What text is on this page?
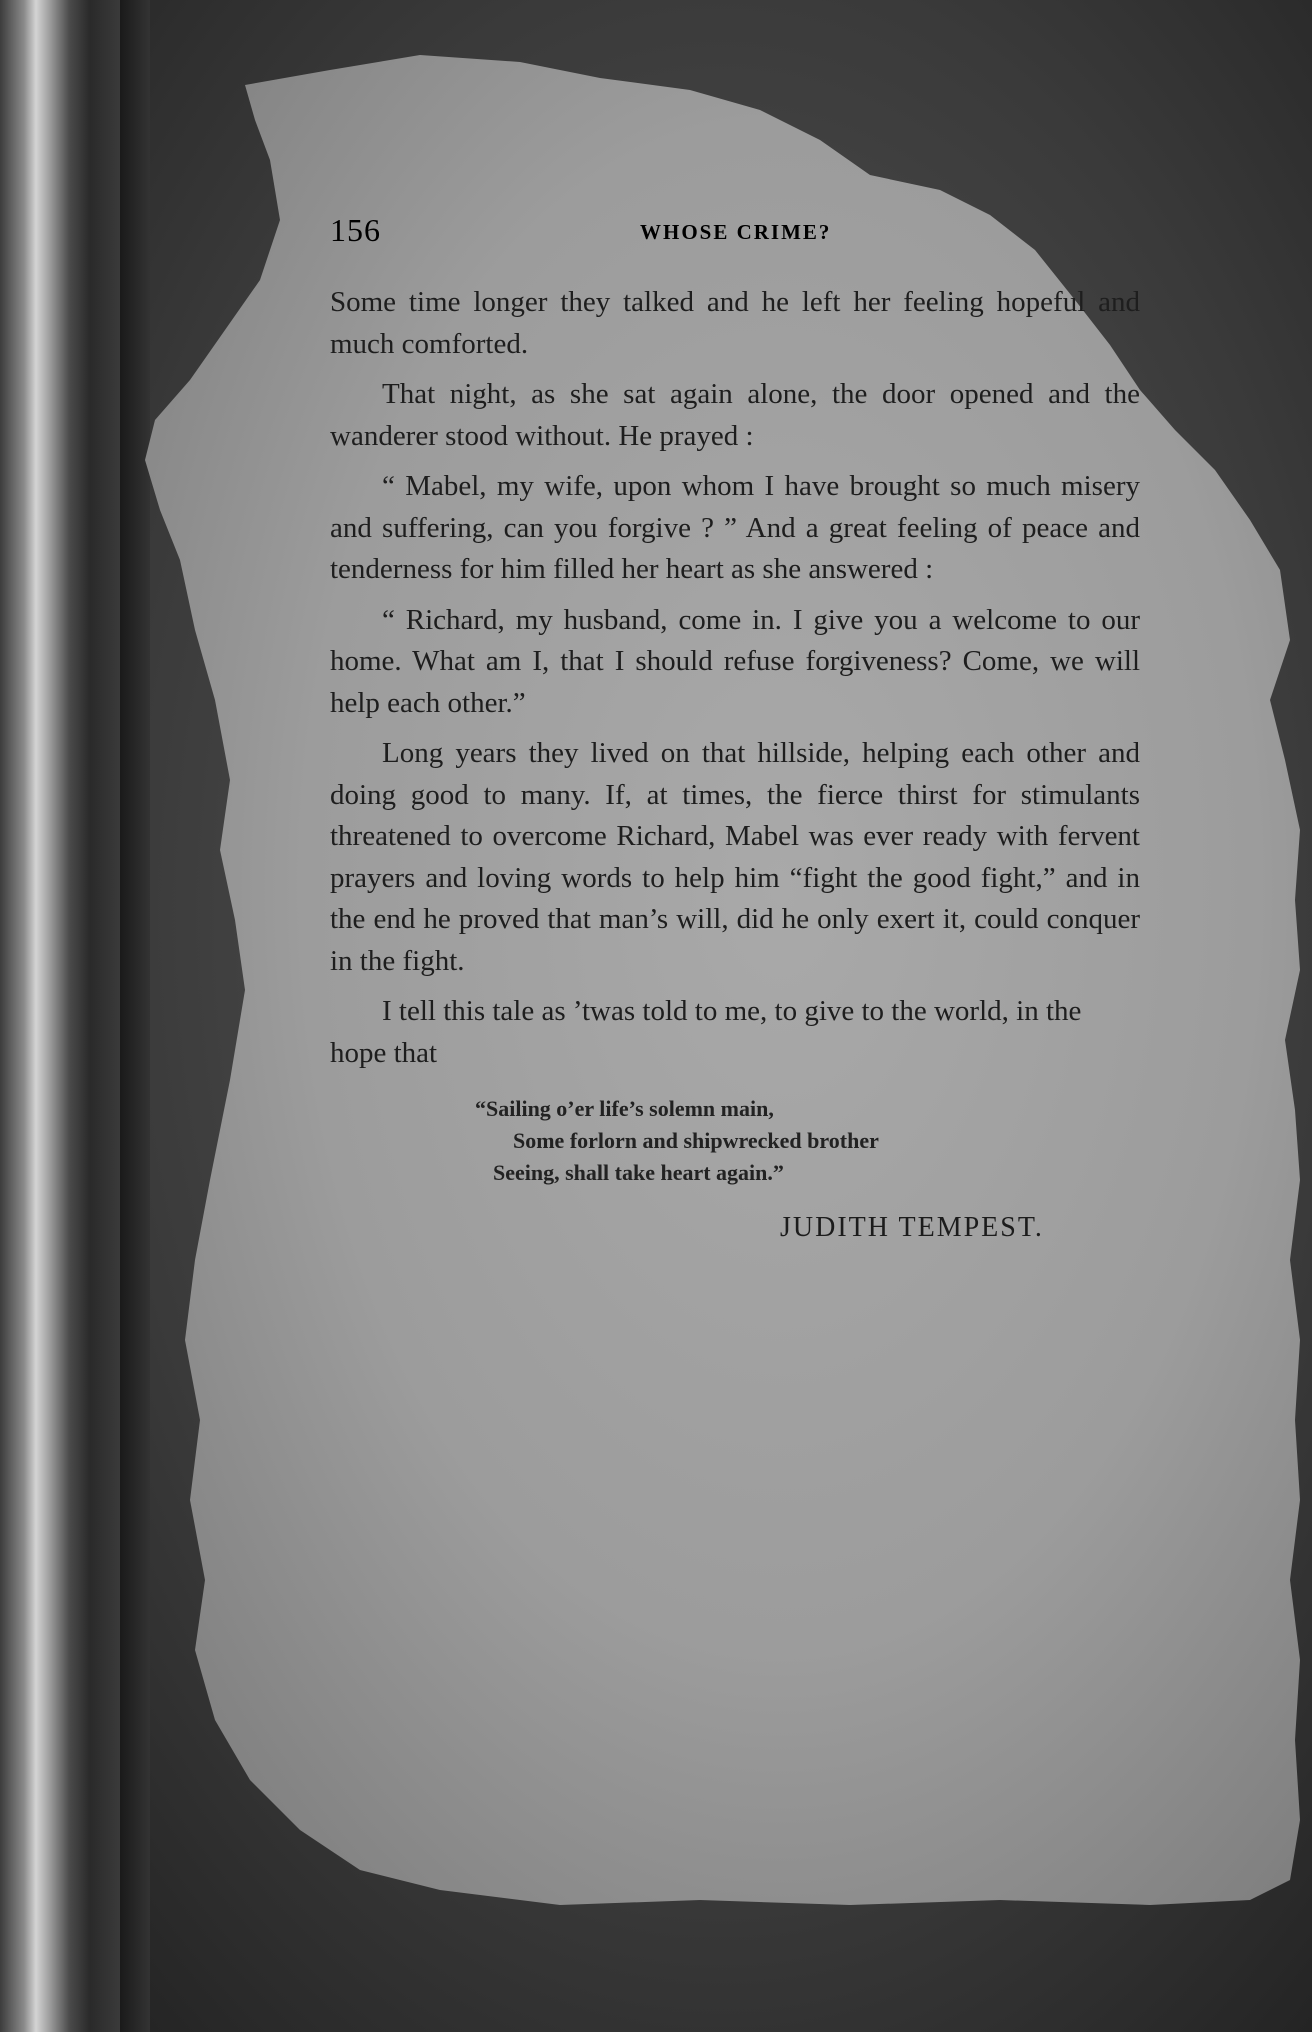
156	WHOSE CRIME?

Some time longer they talked and he left her feeling hopeful and much comforted.

That night, as she sat again alone, the door opened and the wanderer stood without. He prayed :

“ Mabel, my wife, upon whom I have brought so much misery and suffering, can you forgive ? ” And a great feeling of peace and tenderness for him filled her heart as she answered :

“ Richard, my husband, come in. I give you a welcome to our home. What am I, that I should refuse forgiveness? Come, we will help each other.”

Long years they lived on that hillside, helping each other and doing good to many. If, at times, the fierce thirst for stimulants threatened to overcome Richard, Mabel was ever ready with fervent prayers and loving words to help him “fight the good fight,” and in the end he proved that man’s will, did he only exert it, could conquer in the fight.

I tell this tale as ’twas told to me, to give to the world, in the hope that

“Sailing o’er life’s solemn main,
Some forlorn and shipwrecked brother
Seeing, shall take heart again.”
JUDITH TEMPEST.
